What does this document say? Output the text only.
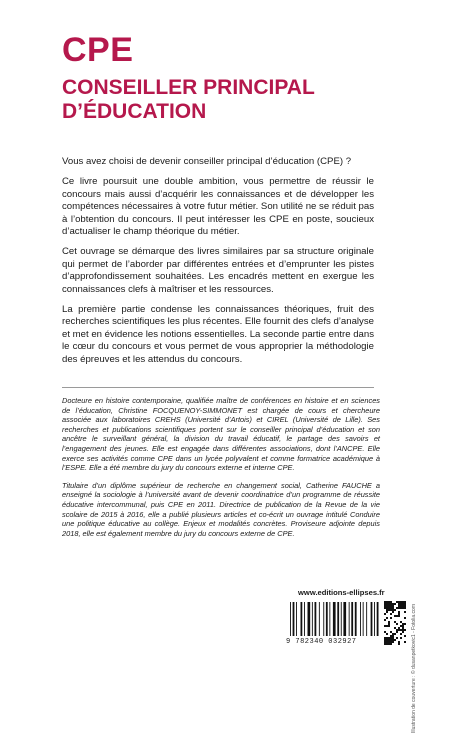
CPE
CONSEILLER PRINCIPAL D’ÉDUCATION

Vous avez choisi de devenir conseiller principal d’éducation (CPE) ?

Ce livre poursuit une double ambition, vous permettre de réussir le concours mais aussi d’acquérir les connaissances et de développer les compétences nécessaires à votre futur métier. Son utilité ne se réduit pas à l’obtention du concours. Il peut intéresser les CPE en poste, soucieux d’actualiser le champ théorique du métier.

Cet ouvrage se démarque des livres similaires par sa structure originale qui permet de l’aborder par différentes entrées et d’emprunter les pistes d’approfondissement souhaitées. Les encadrés mettent en exergue les connaissances clefs à maîtriser et les ressources.

La première partie condense les connaissances théoriques, fruit des recherches scientifiques les plus récentes. Elle fournit des clefs d’analyse et met en évidence les notions essentielles. La seconde partie entre dans le cœur du concours et vous permet de vous approprier la méthodologie des épreuves et les attendus du concours.

Docteure en histoire contemporaine, qualifiée maître de conférences en histoire et en sciences de l’éducation, Christine FOCQUENOY-SIMMONET est chargée de cours et chercheure associée aux laboratoires CREHS (Université d’Artois) et CIREL (Université de Lille). Ses recherches et publications scientifiques portent sur le conseiller principal d’éducation et son ancêtre le surveillant général, la division du travail éducatif, le partage des savoirs et l’engagement des jeunes. Elle est engagée dans différentes associations, dont l’ANCPE. Elle exerce ses activités comme CPE dans un lycée polyvalent et comme formatrice académique à l’ESPE. Elle a été membre du jury du concours externe et interne CPE.

Titulaire d’un diplôme supérieur de recherche en changement social, Catherine FAUCHE a enseigné la sociologie à l’université avant de devenir coordinatrice d’un programme de réussite éducative intercommunal, puis CPE en 2011. Directrice de publication de la Revue de la vie scolaire de 2015 à 2016, elle a publié plusieurs articles et co-écrit un ouvrage intitulé Conduire une politique éducative au collège. Enjeux et modalités concrètes. Proviseure adjointe depuis 2018, elle est également membre du jury du concours externe de CPE.

www.editions-ellipses.fr
9 782340 032927	Illustration de couverture : © dusanpetkovic1 - Fotolia.com
